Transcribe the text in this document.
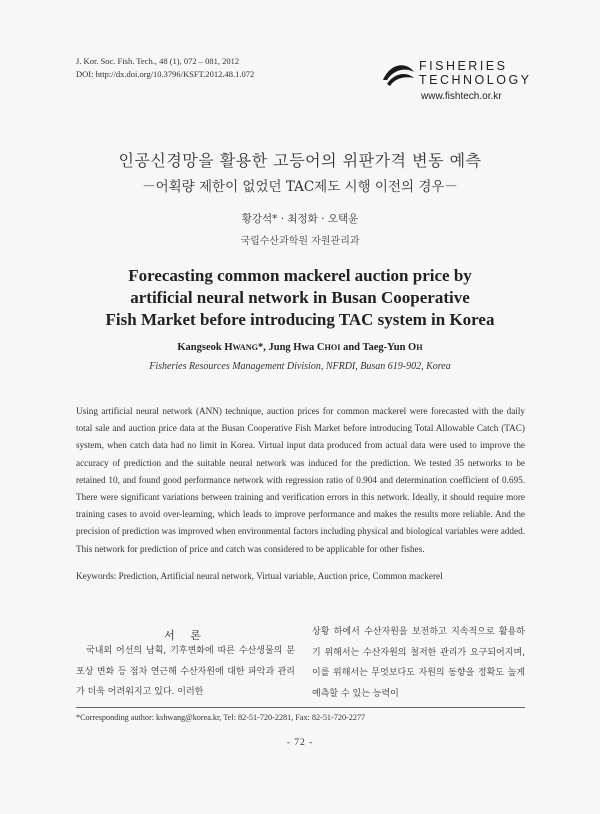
J. Kor. Soc. Fish. Tech., 48 (1), 072 – 081, 2012
DOI: http://dx.doi.org/10.3796/KSFT.2012.48.1.072
FISHERIES
TECHNOLOGY
www.fishtech.or.kr
인공신경망을 활용한 고등어의 위판가격 변동 예측
－어획량 제한이 없었던 TAC제도 시행 이전의 경우－
황강석* · 최정화 · 오택윤
국립수산과학원 자원관리과
Forecasting common mackerel auction price by
artificial neural network in Busan Cooperative
Fish Market before introducing TAC system in Korea
Kangseok HWANG*, Jung Hwa CHOI and Taeg-Yun OH
Fisheries Resources Management Division, NFRDI, Busan 619-902, Korea

Using artificial neural network (ANN) technique, auction prices for common mackerel were forecasted with the daily total sale and auction price data at the Busan Cooperative Fish Market before introducing Total Allowable Catch (TAC) system, when catch data had no limit in Korea. Virtual input data produced from actual data were used to improve the accuracy of prediction and the suitable neural network was induced for the prediction. We tested 35 networks to be retained 10, and found good performance network with regression ratio of 0.904 and determination coefficient of 0.695. There were significant variations between training and verification errors in this network. Ideally, it should require more training cases to avoid over-learning, which leads to improve performance and makes the results more reliable. And the precision of prediction was improved when environmental factors including physical and biological variables were added. This network for prediction of price and catch was considered to be applicable for other fishes.

Keywords: Prediction, Artificial neural network, Virtual variable, Auction price, Common mackerel
서 론

국내외 어선의 남획, 기후변화에 따른 수산생물의 분포상 변화 등 점차 연근해 수산자원에 대한 파악과 관리가 더욱 어려워지고 있다. 이러한

상황 하에서 수산자원을 보전하고 지속적으로 활용하기 위해서는 수산자원의 철저한 관리가 요구되어지며, 이를 위해서는 무엇보다도 자원의 동향을 정확도 높게 예측할 수 있는 능력이

*Corresponding author: kshwang@korea.kr, Tel: 82-51-720-2281, Fax: 82-51-720-2277
- 72 -
